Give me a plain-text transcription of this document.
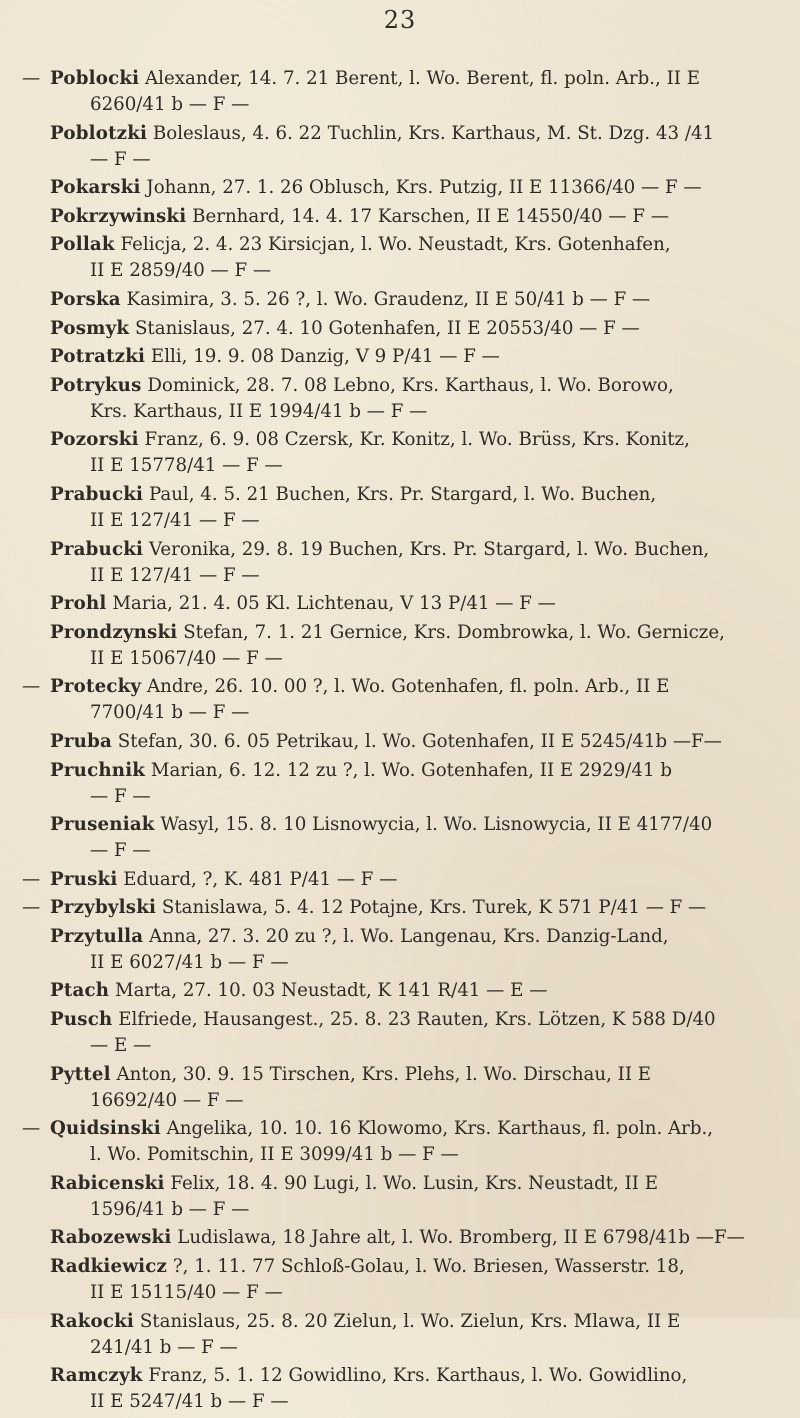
23
— Poblocki Alexander, 14. 7. 21 Berent, l. Wo. Berent, fl. poln. Arb., II E
6260/41 b — F —
Poblotzki Boleslaus, 4. 6. 22 Tuchlin, Krs. Karthaus, M. St. Dzg. 43 /41
— F —
Pokarski Johann, 27. 1. 26 Oblusch, Krs. Putzig, II E 11366/40 — F —
Pokrzywinski Bernhard, 14. 4. 17 Karschen, II E 14550/40 — F —
Pollak Felicja, 2. 4. 23 Kirsicjan, l. Wo. Neustadt, Krs. Gotenhafen,
II E 2859/40 — F —
Porska Kasimira, 3. 5. 26 ?, l. Wo. Graudenz, II E 50/41 b — F —
Posmyk Stanislaus, 27. 4. 10 Gotenhafen, II E 20553/40 — F —
Potratzki Elli, 19. 9. 08 Danzig, V 9 P/41 — F —
Potrykus Dominick, 28. 7. 08 Lebno, Krs. Karthaus, l. Wo. Borowo,
Krs. Karthaus, II E 1994/41 b — F —
Pozorski Franz, 6. 9. 08 Czersk, Kr. Konitz, l. Wo. Brüss, Krs. Konitz,
II E 15778/41 — F —
Prabucki Paul, 4. 5. 21 Buchen, Krs. Pr. Stargard, l. Wo. Buchen,
II E 127/41 — F —
Prabucki Veronika, 29. 8. 19 Buchen, Krs. Pr. Stargard, l. Wo. Buchen,
II E 127/41 — F —
Prohl Maria, 21. 4. 05 Kl. Lichtenau, V 13 P/41 — F —
Prondzynski Stefan, 7. 1. 21 Gernice, Krs. Dombrowka, l. Wo. Gernicze,
II E 15067/40 — F —
— Protecky Andre, 26. 10. 00 ?, l. Wo. Gotenhafen, fl. poln. Arb., II E
7700/41 b — F —
Pruba Stefan, 30. 6. 05 Petrikau, l. Wo. Gotenhafen, II E 5245/41b —F—
Pruchnik Marian, 6. 12. 12 zu ?, l. Wo. Gotenhafen, II E 2929/41 b
— F —
Pruseniak Wasyl, 15. 8. 10 Lisnowycia, l. Wo. Lisnowycia, II E 4177/40
— F —
— Pruski Eduard, ?, K. 481 P/41 — F —
— Przybylski Stanislawa, 5. 4. 12 Potajne, Krs. Turek, K 571 P/41 — F —
Przytulla Anna, 27. 3. 20 zu ?, l. Wo. Langenau, Krs. Danzig-Land,
II E 6027/41 b — F —
Ptach Marta, 27. 10. 03 Neustadt, K 141 R/41 — E —
Pusch Elfriede, Hausangest., 25. 8. 23 Rauten, Krs. Lötzen, K 588 D/40
— E —
Pyttel Anton, 30. 9. 15 Tirschen, Krs. Plehs, l. Wo. Dirschau, II E
16692/40 — F —
— Quidsinski Angelika, 10. 10. 16 Klowomo, Krs. Karthaus, fl. poln. Arb.,
l. Wo. Pomitschin, II E 3099/41 b — F —
Rabicenski Felix, 18. 4. 90 Lugi, l. Wo. Lusin, Krs. Neustadt, II E
1596/41 b — F —
Rabozewski Ludislawa, 18 Jahre alt, l. Wo. Bromberg, II E 6798/41b —F—
Radkiewicz ?, 1. 11. 77 Schloß-Golau, l. Wo. Briesen, Wasserstr. 18,
II E 15115/40 — F —
Rakocki Stanislaus, 25. 8. 20 Zielun, l. Wo. Zielun, Krs. Mlawa, II E
241/41 b — F —
Ramczyk Franz, 5. 1. 12 Gowidlino, Krs. Karthaus, l. Wo. Gowidlino,
II E 5247/41 b — F —
